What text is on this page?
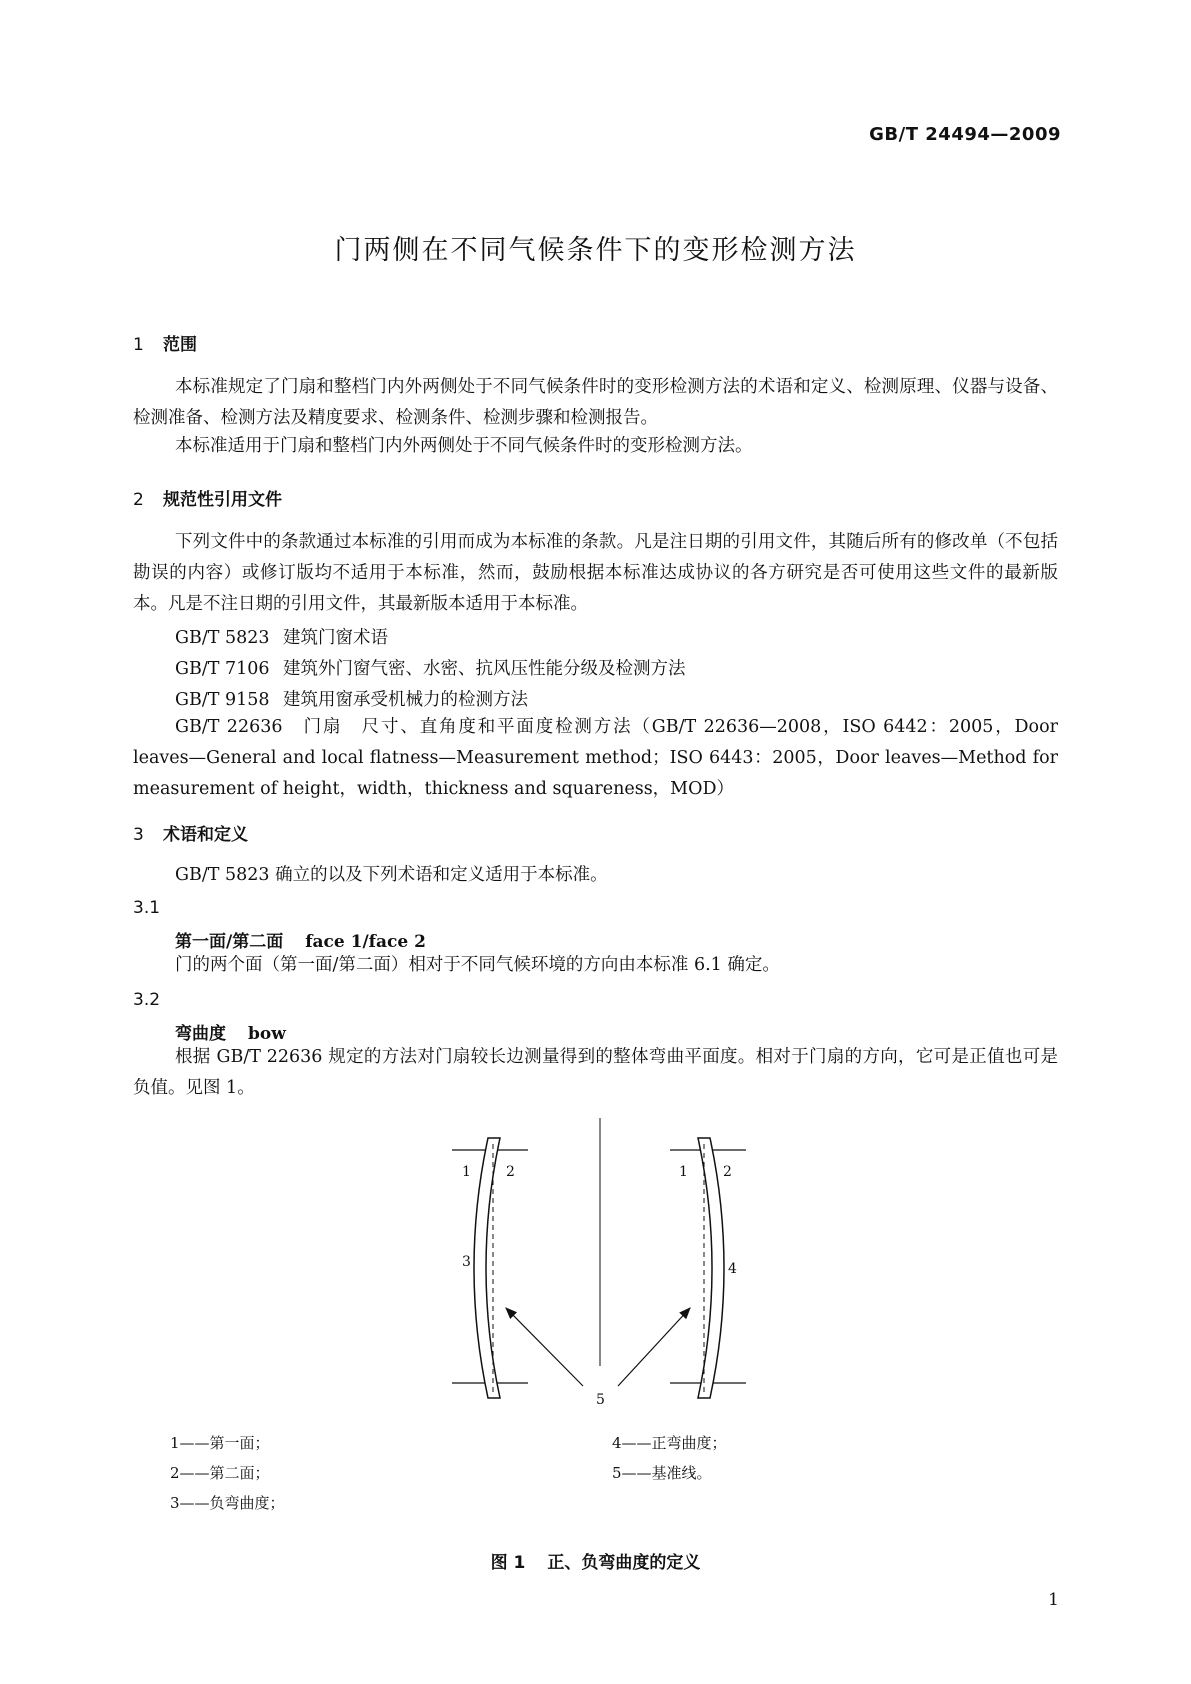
GB/T 24494—2009
门两侧在不同气候条件下的变形检测方法
1 范围

本标准规定了门扇和整档门内外两侧处于不同气候条件时的变形检测方法的术语和定义、检测原理、仪器与设备、检测准备、检测方法及精度要求、检测条件、检测步骤和检测报告。

本标准适用于门扇和整档门内外两侧处于不同气候条件时的变形检测方法。

2 规范性引用文件

下列文件中的条款通过本标准的引用而成为本标准的条款。凡是注日期的引用文件，其随后所有的修改单（不包括勘误的内容）或修订版均不适用于本标准，然而，鼓励根据本标准达成协议的各方研究是否可使用这些文件的最新版本。凡是不注日期的引用文件，其最新版本适用于本标准。

GB/T 5823 建筑门窗术语
GB/T 7106 建筑外门窗气密、水密、抗风压性能分级及检测方法
GB/T 9158 建筑用窗承受机械力的检测方法

GB/T 22636　 门扇　尺寸、直角度和平面度检测方法（GB/T 22636—2008，ISO 6442：2005，Door leaves—General and local flatness—Measurement method；ISO 6443：2005，Door leaves—Method for measurement of height，width，thickness and squareness，MOD）

3 术语和定义

GB/T 5823 确立的以及下列术语和定义适用于本标准。

3.1
第一面/第二面 face 1/face 2

门的两个面（第一面/第二面）相对于不同气候环境的方向由本标准 6.1 确定。

3.2
弯曲度 bow

根据 GB/T 22636 规定的方法对门扇较长边测量得到的整体弯曲平面度。相对于门扇的方向，它可是正值也可是负值。见图 1。

1	2
3
1	2
4
5
1——第一面；
2——第二面；
3——负弯曲度；
4——正弯曲度；
5——基准线。
图 1 正、负弯曲度的定义
1
